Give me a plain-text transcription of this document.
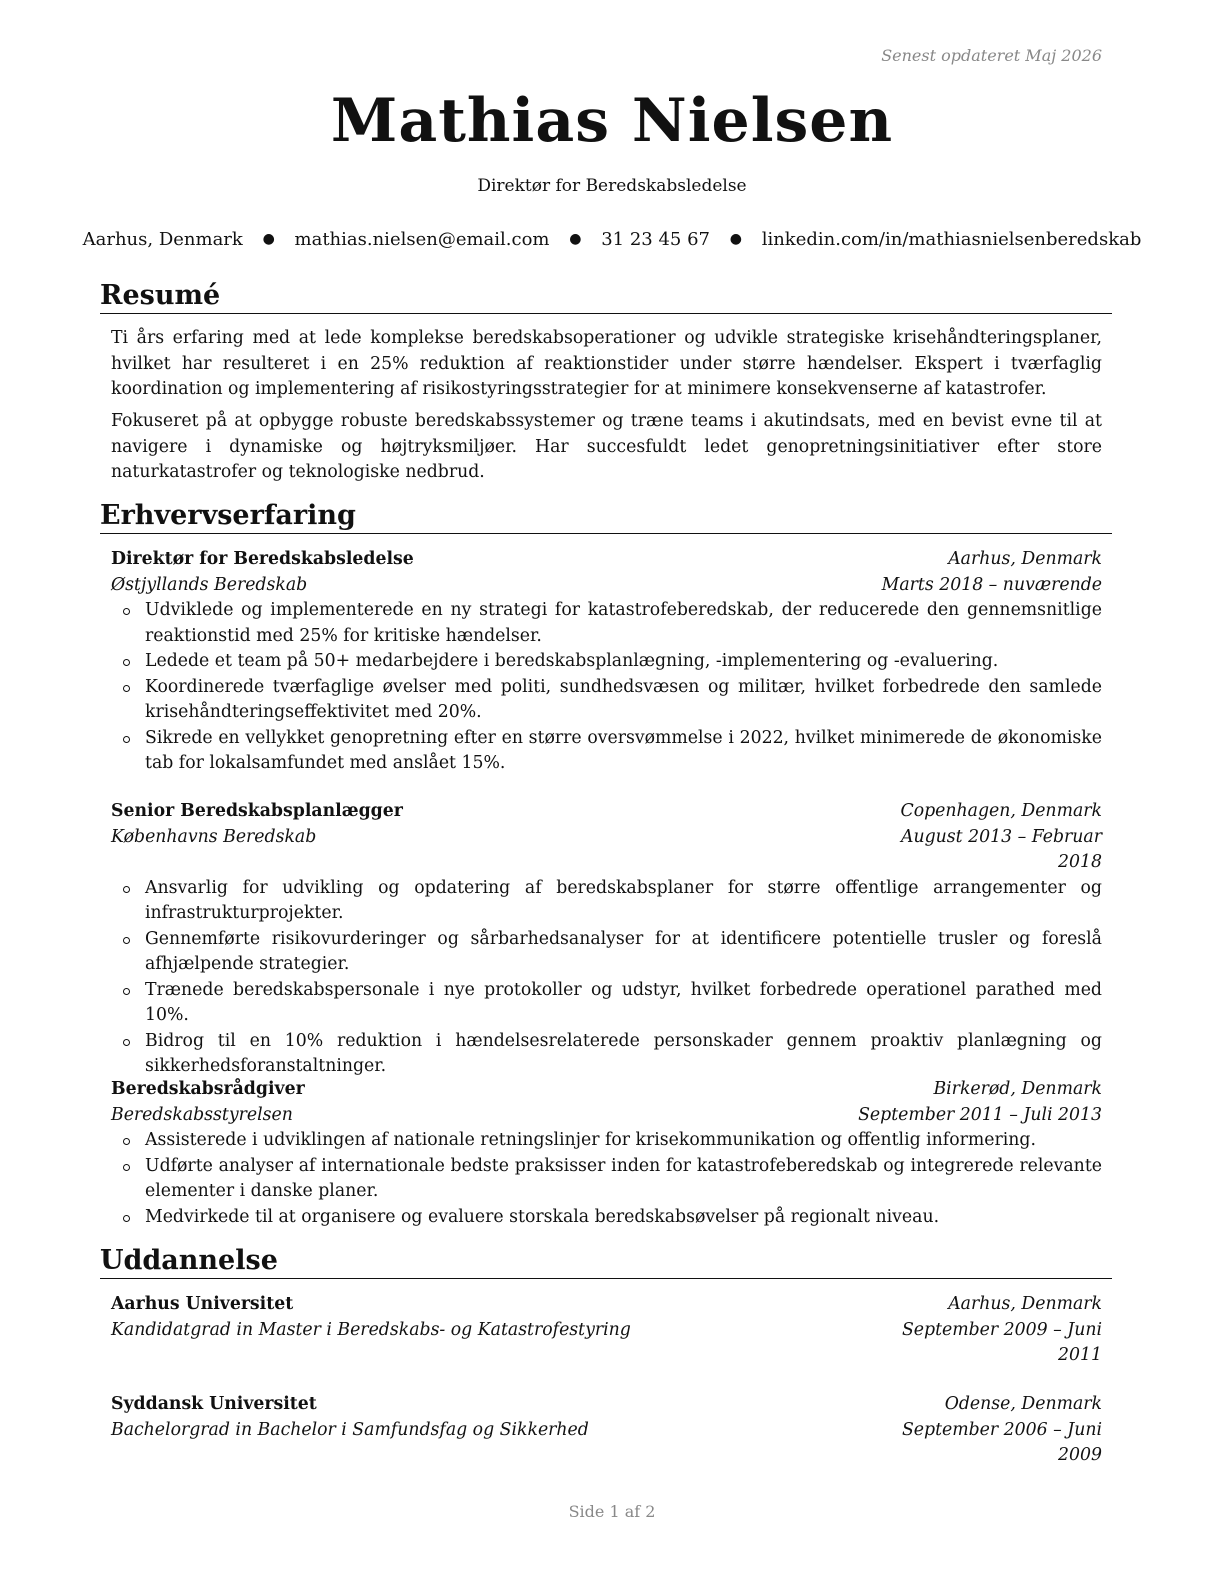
Senest opdateret Maj 2026
Mathias Nielsen
Direktør for Beredskabsledelse
Aarhus, Denmark ● mathias.nielsen@email.com ● 31 23 45 67 ● linkedin.com/in/mathiasnielsenberedskab
Resumé

Ti års erfaring med at lede komplekse beredskabsoperationer og udvikle strategiske krisehåndteringsplaner, hvilket har resulteret i en 25% reduktion af reaktionstider under større hændelser. Ekspert i tværfaglig koordination og implementering af risikostyringsstrategier for at minimere konsekvenserne af katastrofer.

Fokuseret på at opbygge robuste beredskabssystemer og træne teams i akutindsats, med en bevist evne til at navigere i dynamiske og højtryksmiljøer. Har succesfuldt ledet genopretningsinitiativer efter store naturkatastrofer og teknologiske nedbrud.

Erhvervserfaring
Direktør for Beredskabsledelse	Aarhus, Denmark
Østjyllands Beredskab	Marts 2018 – nuværende
Udviklede og implementerede en ny strategi for katastrofeberedskab, der reducerede den gennemsnitlige reaktionstid med 25% for kritiske hændelser.
Ledede et team på 50+ medarbejdere i beredskabsplanlægning, -implementering og -evaluering.
Koordinerede tværfaglige øvelser med politi, sundhedsvæsen og militær, hvilket forbedrede den samlede krisehåndteringseffektivitet med 20%.
Sikrede en vellykket genopretning efter en større oversvømmelse i 2022, hvilket minimerede de økonomiske tab for lokalsamfundet med anslået 15%.
Senior Beredskabsplanlægger	Copenhagen, Denmark
Københavns Beredskab	August 2013 – Februar
2018
Ansvarlig for udvikling og opdatering af beredskabsplaner for større offentlige arrangementer og infrastrukturprojekter.
Gennemførte risikovurderinger og sårbarhedsanalyser for at identificere potentielle trusler og foreslå afhjælpende strategier.
Trænede beredskabspersonale i nye protokoller og udstyr, hvilket forbedrede operationel parathed med 10%.
Bidrog til en 10% reduktion i hændelsesrelaterede personskader gennem proaktiv planlægning og sikkerhedsforanstaltninger.
Beredskabsrådgiver	Birkerød, Denmark
Beredskabsstyrelsen	September 2011 – Juli 2013
Assisterede i udviklingen af nationale retningslinjer for krisekommunikation og offentlig informering.
Udførte analyser af internationale bedste praksisser inden for katastrofeberedskab og integrerede relevante elementer i danske planer.
Medvirkede til at organisere og evaluere storskala beredskabsøvelser på regionalt niveau.
Uddannelse
Aarhus Universitet	Aarhus, Denmark
Kandidatgrad in Master i Beredskabs- og Katastrofestyring	September 2009 – Juni
2011
Syddansk Universitet	Odense, Denmark
Bachelorgrad in Bachelor i Samfundsfag og Sikkerhed	September 2006 – Juni
2009
Side 1 af 2
